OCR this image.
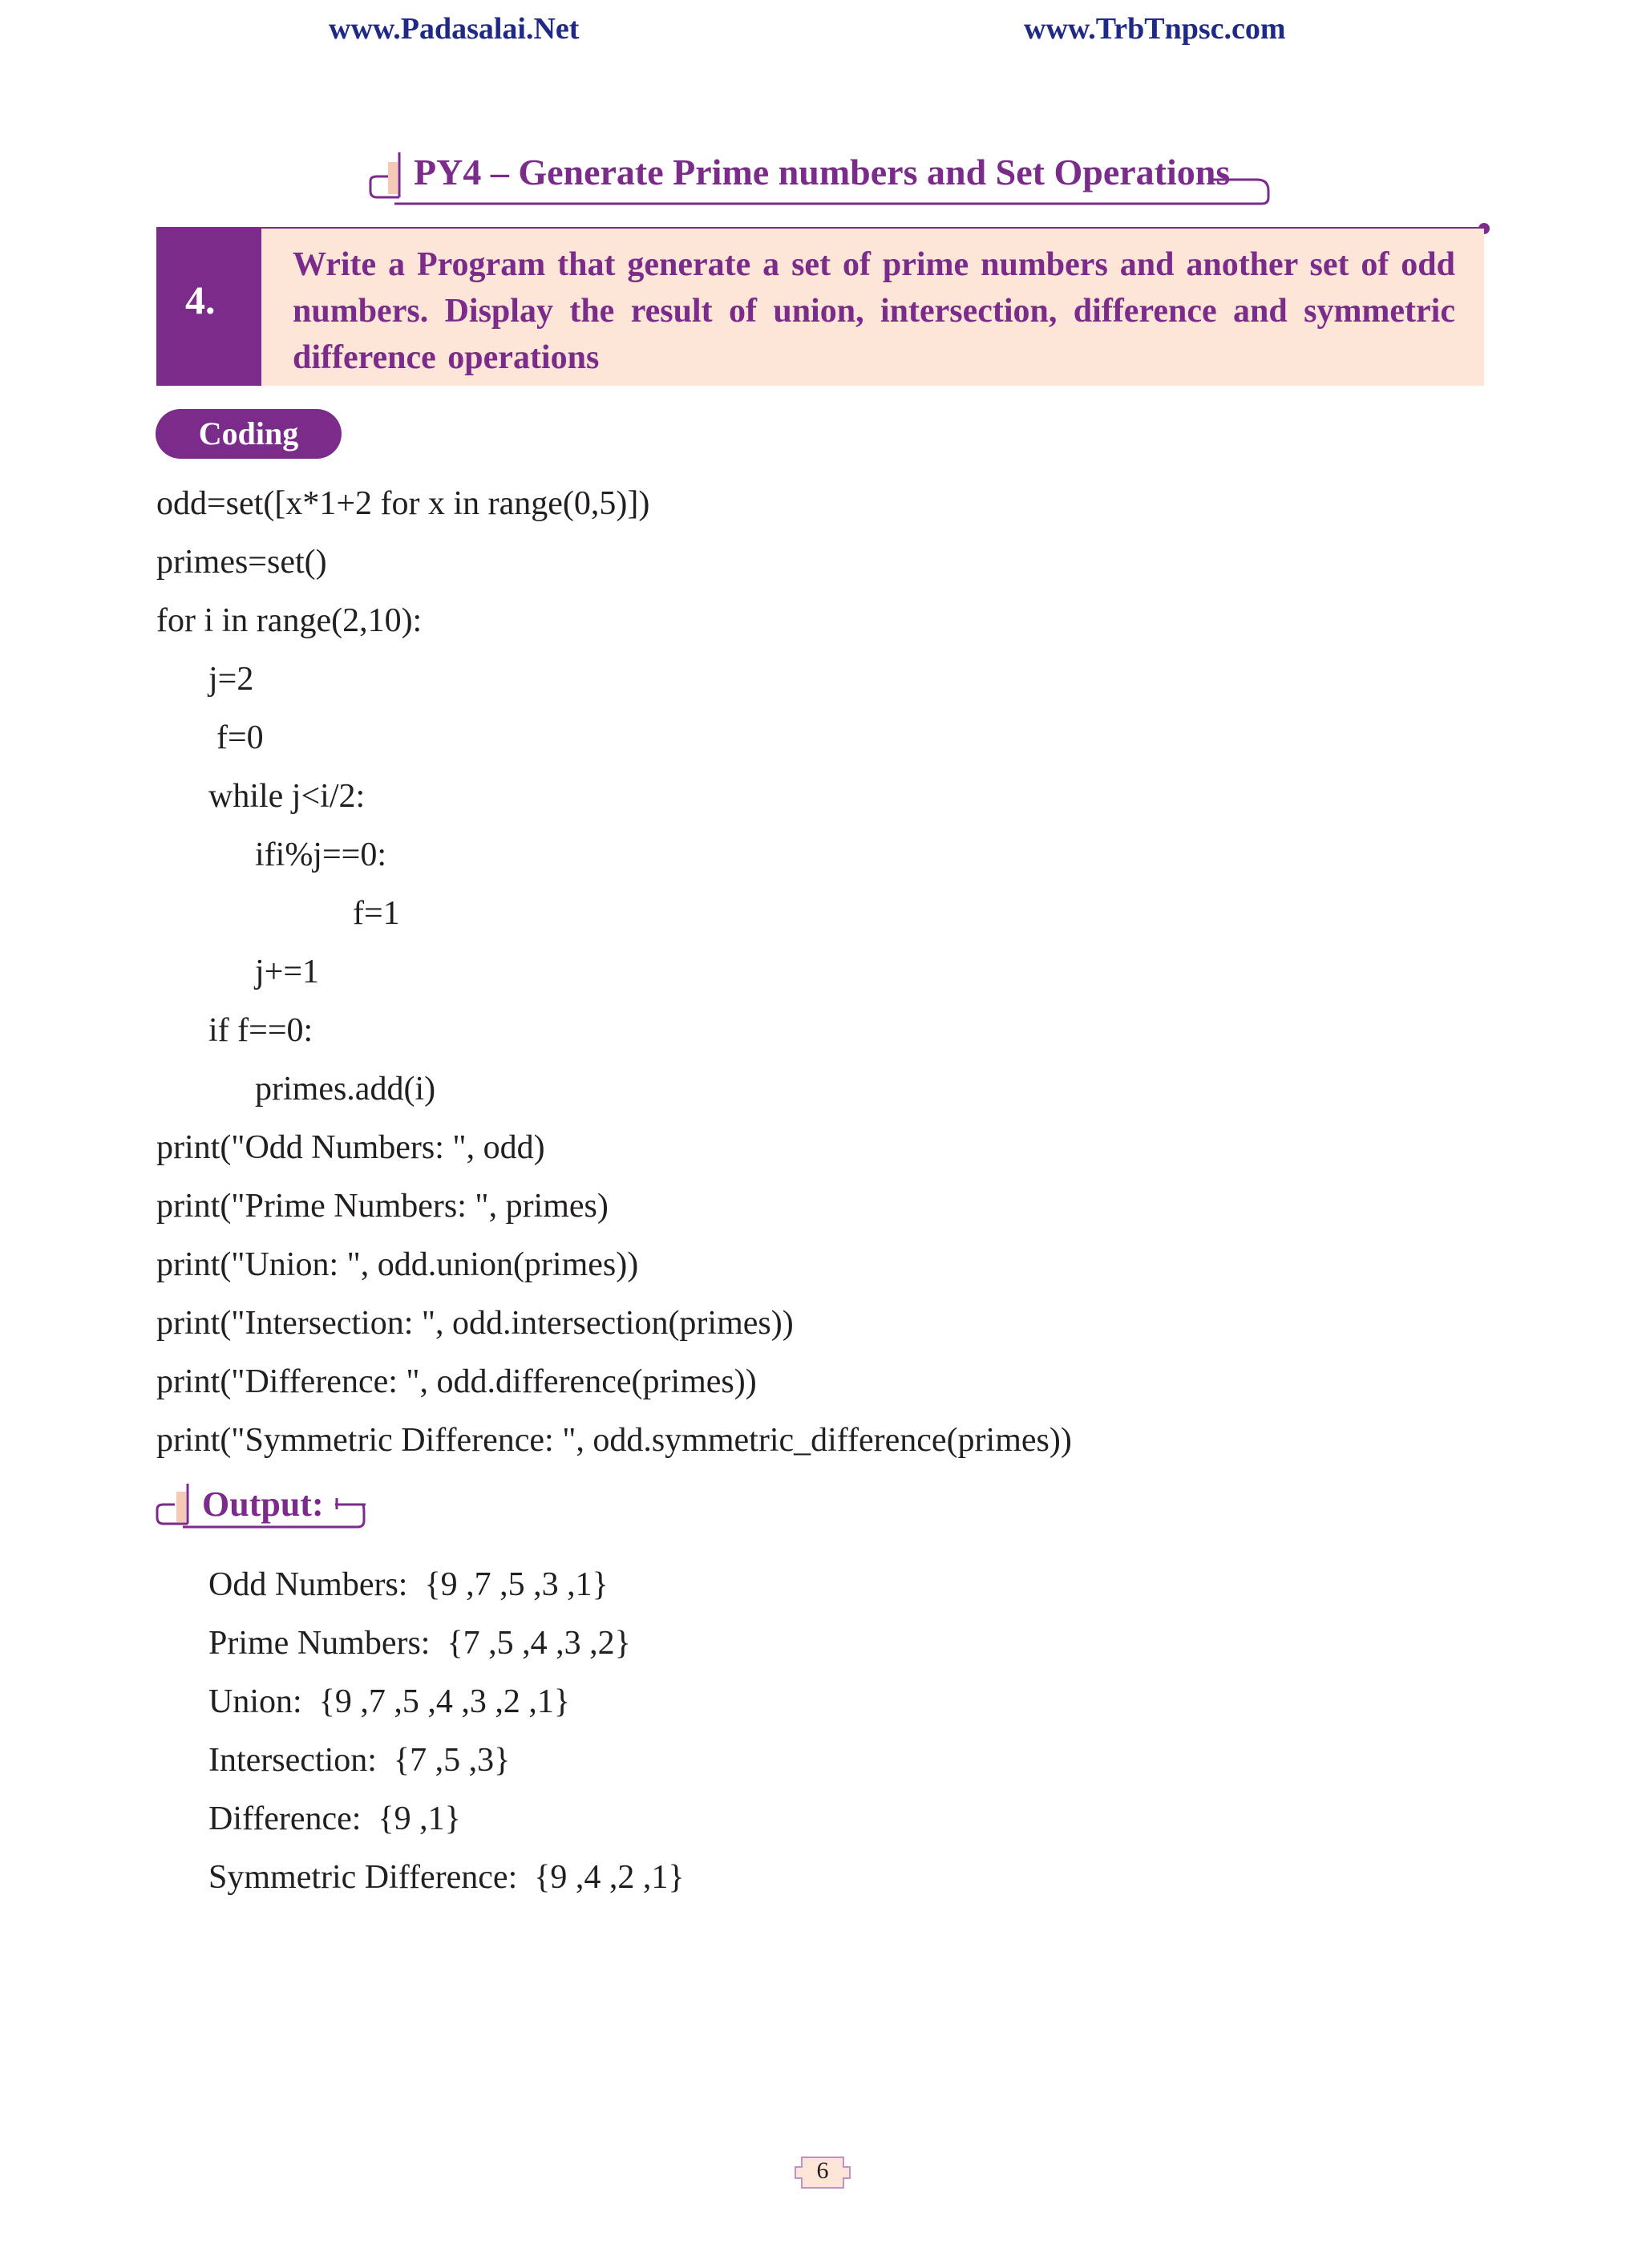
www.Padasalai.Net	www.TrbTnpsc.com
PY4 – Generate Prime numbers and Set Operations
4.
Write a Program that generate a set of prime numbers and another set of odd numbers. Display the result of union, intersection, difference and symmetric difference operations
Coding
odd=set([x*1+2 for x in range(0,5)])
primes=set()
for i in range(2,10):
j=2
f=0
while j<i/2:
ifi%j==0:
f=1
j+=1
if f==0:
primes.add(i)
print("Odd Numbers: ", odd)
print("Prime Numbers: ", primes)
print("Union: ", odd.union(primes))
print("Intersection: ", odd.intersection(primes))
print("Difference: ", odd.difference(primes))
print("Symmetric Difference: ", odd.symmetric_difference(primes))
Output:
Odd Numbers:  {9 ,7 ,5 ,3 ,1}
Prime Numbers:  {7 ,5 ,4 ,3 ,2}
Union:  {9 ,7 ,5 ,4 ,3 ,2 ,1}
Intersection:  {7 ,5 ,3}
Difference:  {9 ,1}
Symmetric Difference:  {9 ,4 ,2 ,1}
6
